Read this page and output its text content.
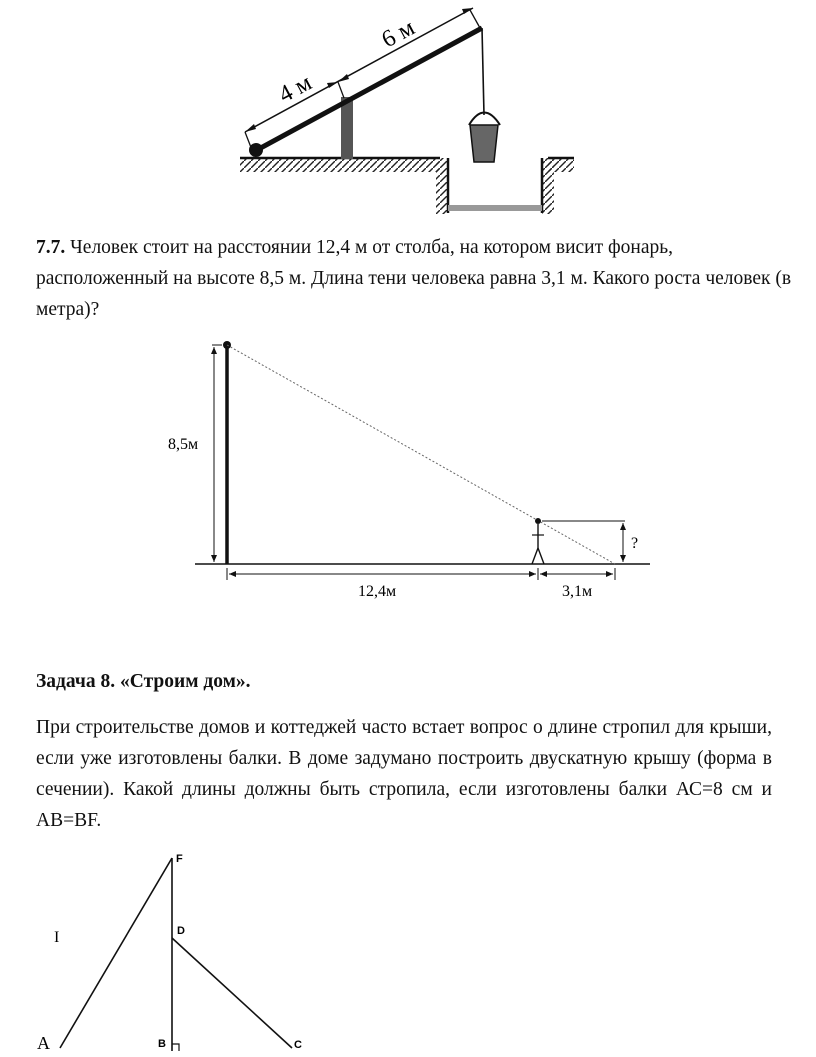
4 м
6 м
7.7. Человек стоит на расстоянии 12,4 м от столба, на котором висит фонарь, расположенный на высоте 8,5 м. Длина тени человека равна 3,1 м. Какого роста человек (в метра)?
?
8,5м
12,4м	3,1м
Задача 8. «Строим дом».
При строительстве домов и коттеджей часто встает вопрос о длине стропил для крыши, если уже изготовлены балки. В доме задумано построить двускатную крышу (форма в сечении). Какой длины должны быть стропила, если изготовлены балки АС=8 см и АВ=BF.
A	B	C
D
F
I
